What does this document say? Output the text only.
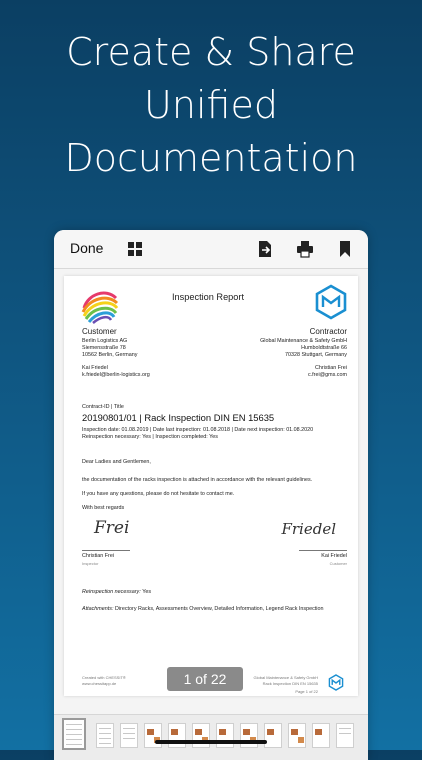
Create & Share
Unified
Documentation
Done
Inspection Report
Customer
Berlin Logistics AG
Siemensstraße 78
10562 Berlin, Germany
Kai Friedel
k.friedel@berlin-logistics.org
Contractor
Global Maintenance & Safety GmbH
Humboldtstraße 66
70328 Stuttgart, Germany
Christian Frei
c.frei@gms.com
Contract-ID | Title
20190801/01 | Rack Inspection DIN EN 15635
Inspection date: 01.08.2019 | Date last inspection: 01.08.2018 | Date next inspection: 01.08.2020
Reinspection necessary: Yes | Inspection completed: Yes
Dear Ladies and Gentlemen,
the documentation of the racks inspection is attached in accordance with the relevant guidelines.
If you have any questions, please do not hesitate to contact me.
With best regards
Frei
Christian Frei
Inspector
Friedel
Kai Friedel
Customer
Reinspection necessary: Yes
Attachments: Directory Racks, Assessments Overview, Detailed Information, Legend Rack Inspection
Created with CHESSIT®
www.chessitapp.de
Global Maintenance & Safety GmbH
Rack Inspection DIN EN 15635
Page 1 of 22
1 of 22
